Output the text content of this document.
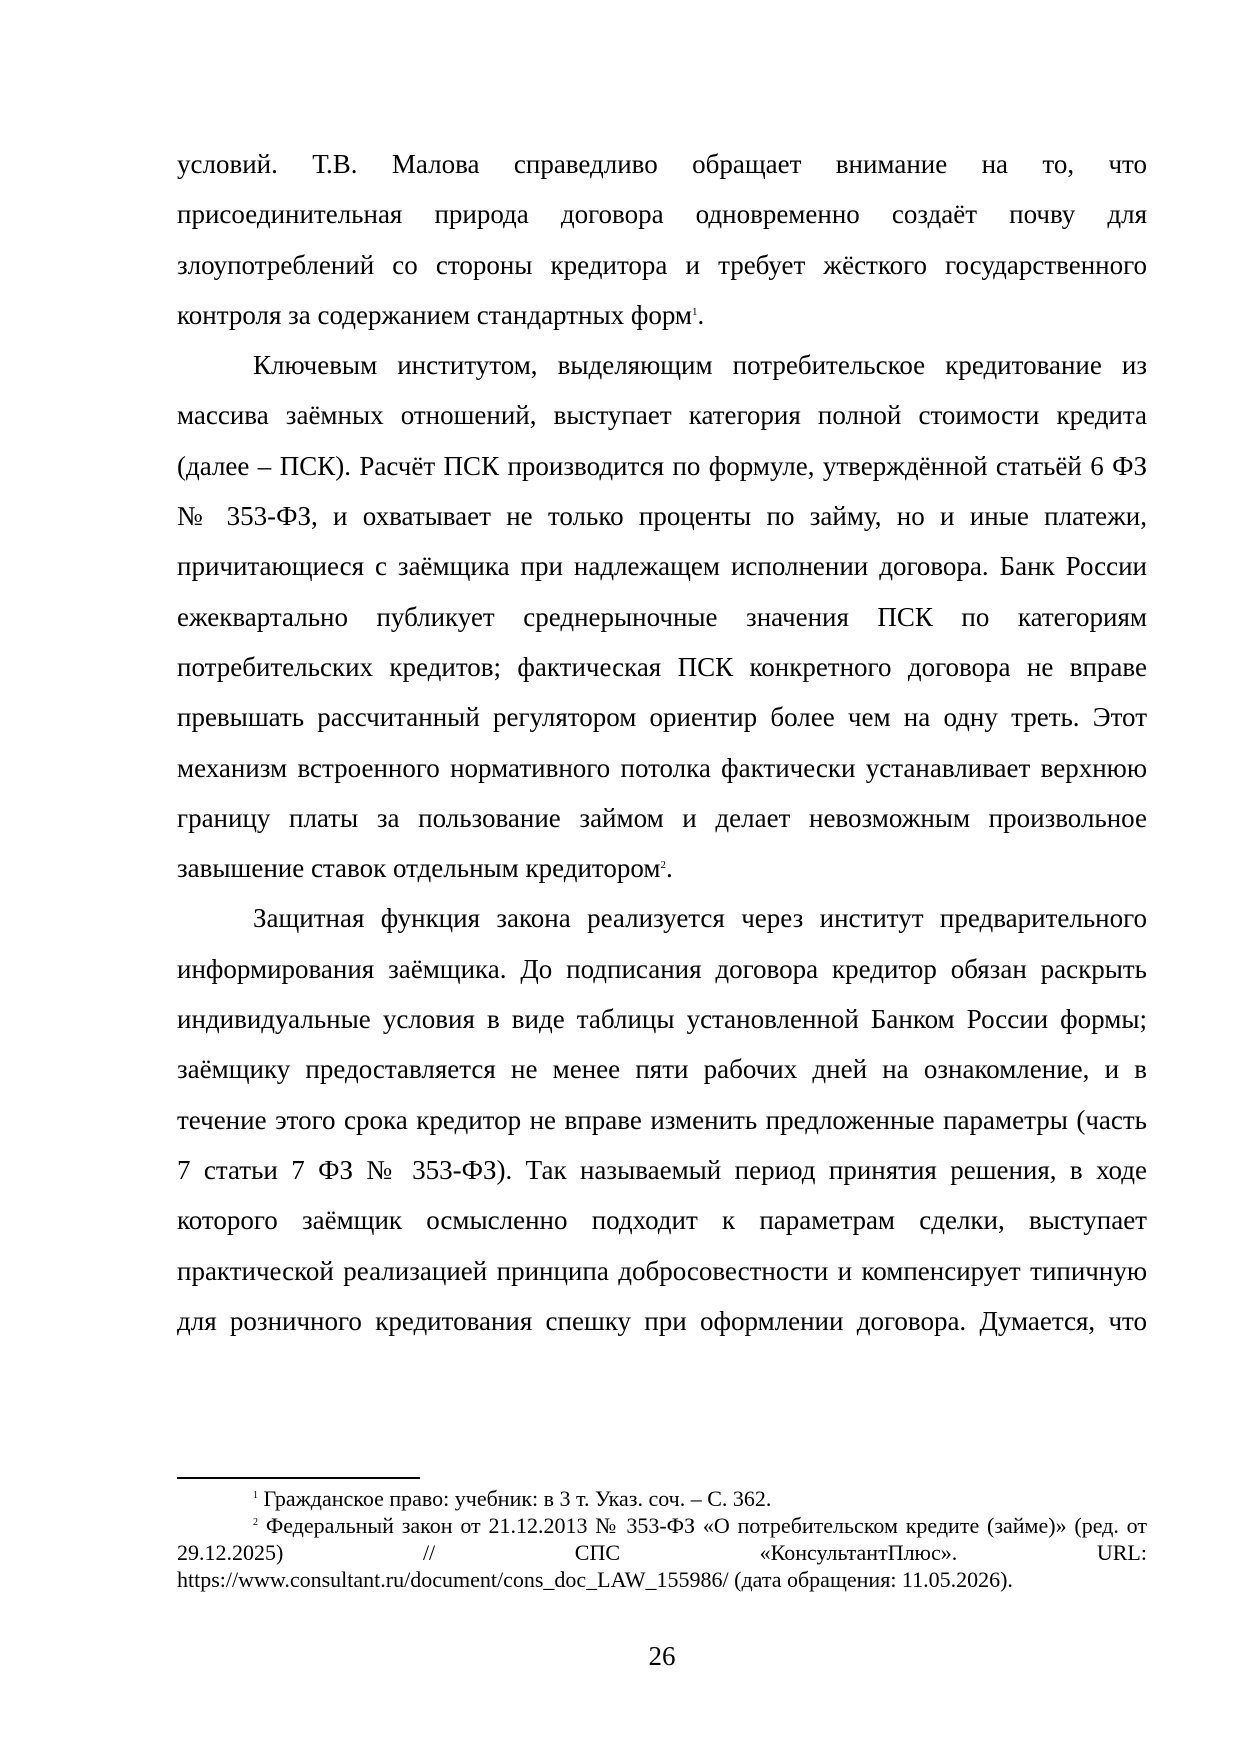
условий. Т.В. Малова справедливо обращает внимание на то, что присоединительная природа договора одновременно создаёт почву для злоупотреблений со стороны кредитора и требует жёсткого государственного контроля за содержанием стандартных форм$^1$.

Ключевым институтом, выделяющим потребительское кредитование из массива заёмных отношений, выступает категория полной стоимости кредита (далее – ПСК). Расчёт ПСК производится по формуле, утверждённой статьёй 6 ФЗ № 353-ФЗ, и охватывает не только проценты по займу, но и иные платежи, причитающиеся с заёмщика при надлежащем исполнении договора. Банк России ежеквартально публикует среднерыночные значения ПСК по категориям потребительских кредитов; фактическая ПСК конкретного договора не вправе превышать рассчитанный регулятором ориентир более чем на одну треть. Этот механизм встроенного нормативного потолка фактически устанавливает верхнюю границу платы за пользование займом и делает невозможным произвольное завышение ставок отдельным кредитором$^2$.

Защитная функция закона реализуется через институт предварительного информирования заёмщика. До подписания договора кредитор обязан раскрыть индивидуальные условия в виде таблицы установленной Банком России формы; заёмщику предоставляется не менее пяти рабочих дней на ознакомление, и в течение этого срока кредитор не вправе изменить предложенные параметры (часть 7 статьи 7 ФЗ № 353-ФЗ). Так называемый период принятия решения, в ходе которого заёмщик осмысленно подходит к параметрам сделки, выступает практической реализацией принципа добросовестности и компенсирует типичную для розничного кредитования спешку при оформлении договора. Думается, что

$^1$ Гражданское право: учебник: в 3 т. Указ. соч. – С. 362.

$^2$ Федеральный закон от 21.12.2013 № 353-ФЗ «О потребительском кредите (займе)» (ред. от 29.12.2025) // СПС «КонсультантПлюс». URL: https://www.consultant.ru/document/cons_doc_LAW_155986/ (дата обращения: 11.05.2026).

26
